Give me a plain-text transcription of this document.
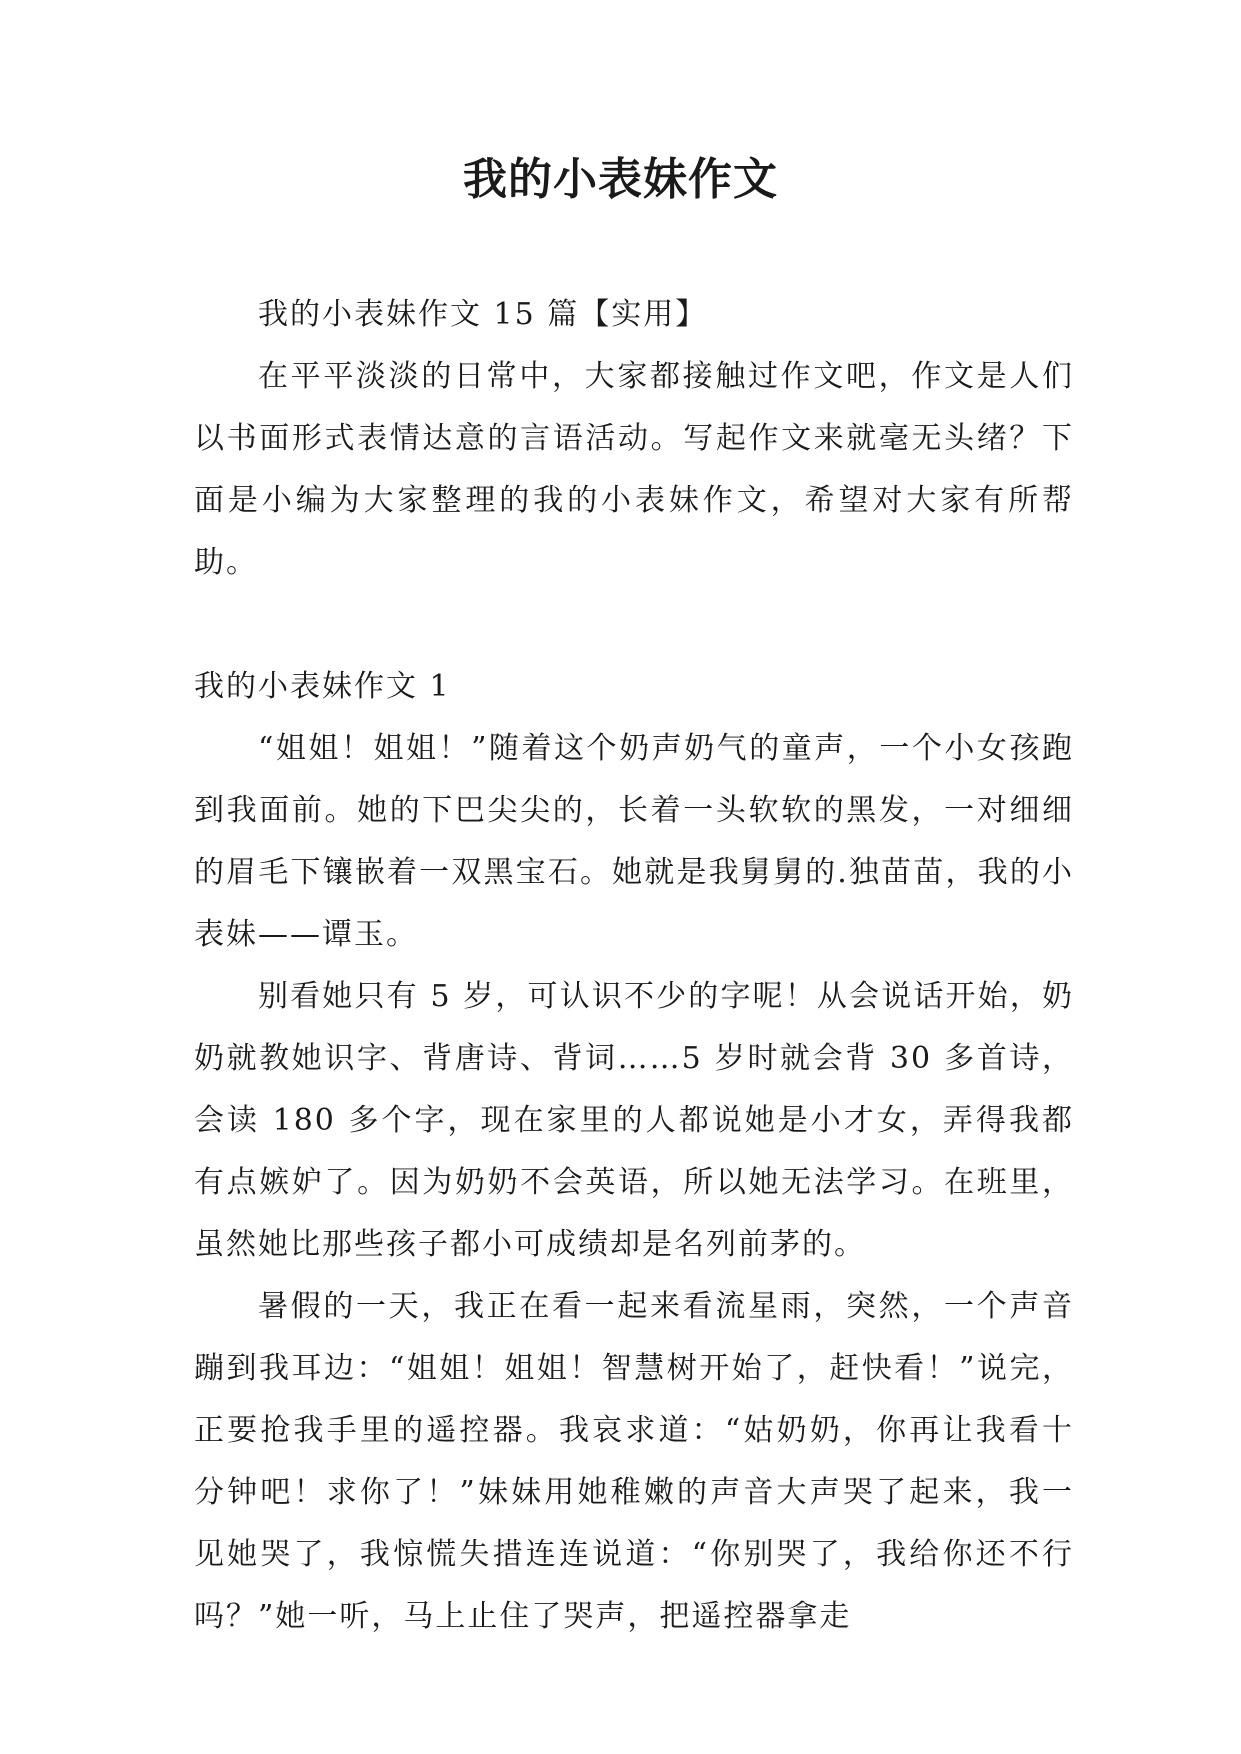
我的小表妹作文

我的小表妹作文 15 篇【实用】

在平平淡淡的日常中，大家都接触过作文吧，作文是人们以书面形式表情达意的言语活动。写起作文来就毫无头绪？下面是小编为大家整理的我的小表妹作文，希望对大家有所帮助。

我的小表妹作文 1

“姐姐！姐姐！”随着这个奶声奶气的童声，一个小女孩跑到我面前。她的下巴尖尖的，长着一头软软的黑发，一对细细的眉毛下镶嵌着一双黑宝石。她就是我舅舅的.独苗苗，我的小表妹——谭玉。

别看她只有 5 岁，可认识不少的字呢！从会说话开始，奶奶就教她识字、背唐诗、背词……5 岁时就会背 30 多首诗，会读 180 多个字，现在家里的人都说她是小才女，弄得我都有点嫉妒了。因为奶奶不会英语，所以她无法学习。在班里，虽然她比那些孩子都小可成绩却是名列前茅的。

暑假的一天，我正在看一起来看流星雨，突然，一个声音蹦到我耳边：“姐姐！姐姐！智慧树开始了，赶快看！”说完，正要抢我手里的遥控器。我哀求道：“姑奶奶，你再让我看十分钟吧！求你了！”妹妹用她稚嫩的声音大声哭了起来，我一见她哭了，我惊慌失措连连说道：“你别哭了，我给你还不行吗？”她一听，马上止住了哭声，把遥控器拿走
